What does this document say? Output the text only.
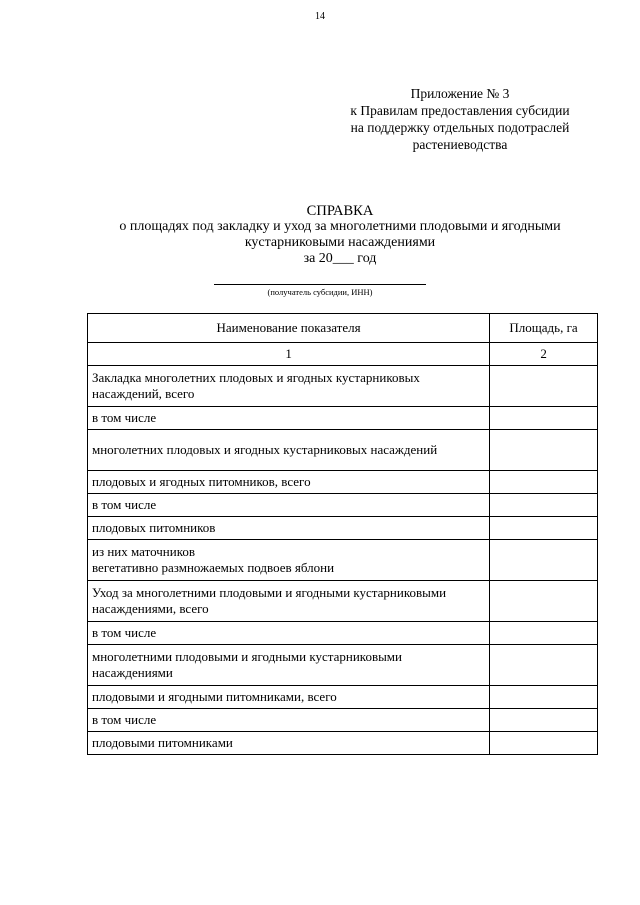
14
Приложение № 3
к Правилам предоставления субсидии
на поддержку отдельных подотраслей
растениеводства
СПРАВКА
о площадях под закладку и уход за многолетними плодовыми и ягодными
кустарниковыми насаждениями
за 20___ год
(получатель субсидии, ИНН)
Наименование показателя	Площадь, га
1	2
Закладка многолетних плодовых и ягодных кустарниковых насаждений, всего	
в том числе	
многолетних плодовых и ягодных кустарниковых насаждений	
плодовых и ягодных питомников, всего	
в том числе	
плодовых питомников	
из них маточников
вегетативно размножаемых подвоев яблони	
Уход за многолетними плодовыми и ягодными кустарниковыми насаждениями, всего	
в том числе	
многолетними плодовыми и ягодными кустарниковыми насаждениями	
плодовыми и ягодными питомниками, всего	
в том числе	
плодовыми питомниками	
